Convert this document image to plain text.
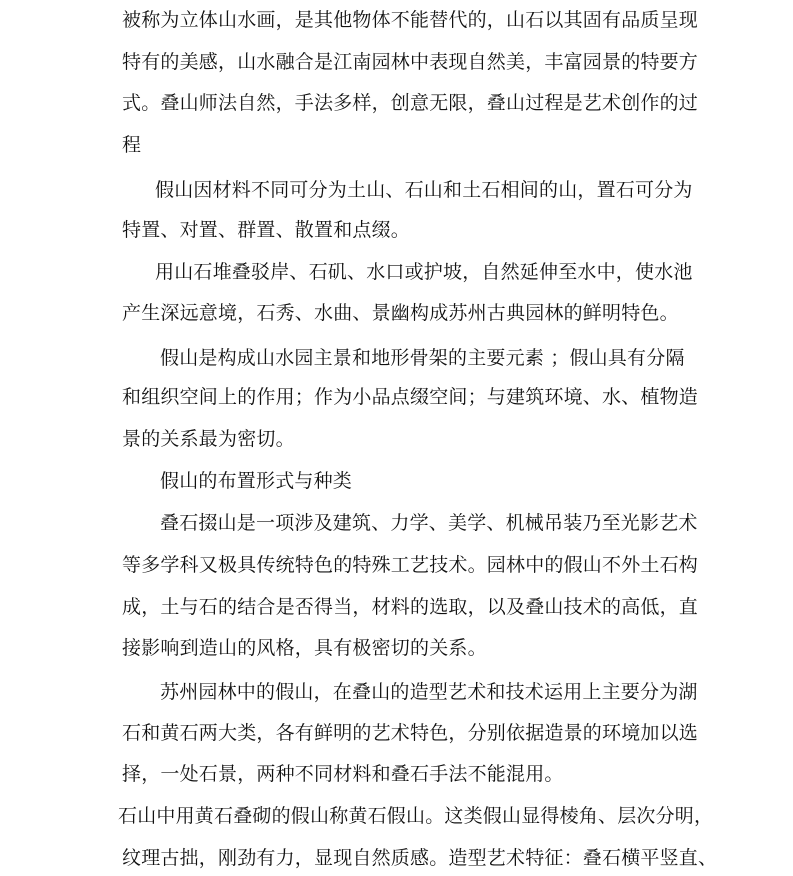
被称为立体山水画，是其他物体不能替代的，山石以其固有品质呈现
特有的美感，山水融合是江南园林中表现自然美，丰富园景的特要方
式。叠山师法自然，手法多样，创意无限，叠山过程是艺术创作的过
程
假山因材料不同可分为土山、石山和土石相间的山，置石可分为
特置、对置、群置、散置和点缀。
用山石堆叠驳岸、石矶、水口或护坡，自然延伸至水中，使水池
产生深远意境，石秀、水曲、景幽构成苏州古典园林的鲜明特色。
假山是构成山水园主景和地形骨架的主要元素 ；假山具有分隔
和组织空间上的作用；作为小品点缀空间；与建筑环境、水、植物造
景的关系最为密切。
假山的布置形式与种类
叠石掇山是一项涉及建筑、力学、美学、机械吊装乃至光影艺术
等多学科又极具传统特色的特殊工艺技术。园林中的假山不外土石构
成，土与石的结合是否得当，材料的选取，以及叠山技术的高低，直
接影响到造山的风格，具有极密切的关系。
苏州园林中的假山，在叠山的造型艺术和技术运用上主要分为湖
石和黄石两大类，各有鲜明的艺术特色，分别依据造景的环境加以选
择，一处石景，两种不同材料和叠石手法不能混用。
石山中用黄石叠砌的假山称黄石假山。这类假山显得棱角、层次分明，
纹理古拙，刚劲有力，显现自然质感。造型艺术特征：叠石横平竖直、
